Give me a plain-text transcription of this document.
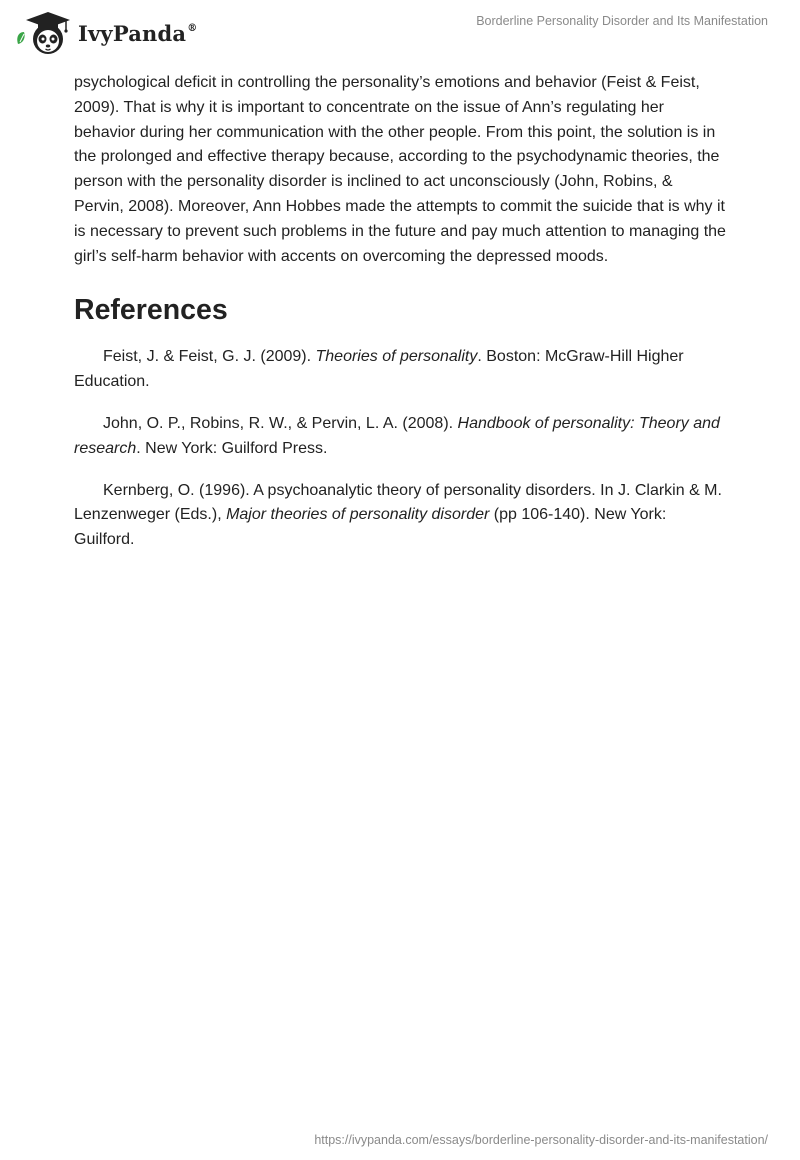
IvyPanda®	Borderline Personality Disorder and Its Manifestation

psychological deficit in controlling the personality’s emotions and behavior (Feist & Feist, 2009). That is why it is important to concentrate on the issue of Ann’s regulating her behavior during her communication with the other people. From this point, the solution is in the prolonged and effective therapy because, according to the psychodynamic theories, the person with the personality disorder is inclined to act unconsciously (John, Robins, & Pervin, 2008). Moreover, Ann Hobbes made the attempts to commit the suicide that is why it is necessary to prevent such problems in the future and pay much attention to managing the girl’s self-harm behavior with accents on overcoming the depressed moods.

References

Feist, J. & Feist, G. J. (2009). Theories of personality. Boston: McGraw-Hill Higher Education.

John, O. P., Robins, R. W., & Pervin, L. A. (2008). Handbook of personality: Theory and research. New York: Guilford Press.

Kernberg, O. (1996). A psychoanalytic theory of personality disorders. In J. Clarkin & M. Lenzenweger (Eds.), Major theories of personality disorder (pp 106-140). New York: Guilford.

https://ivypanda.com/essays/borderline-personality-disorder-and-its-manifestation/
